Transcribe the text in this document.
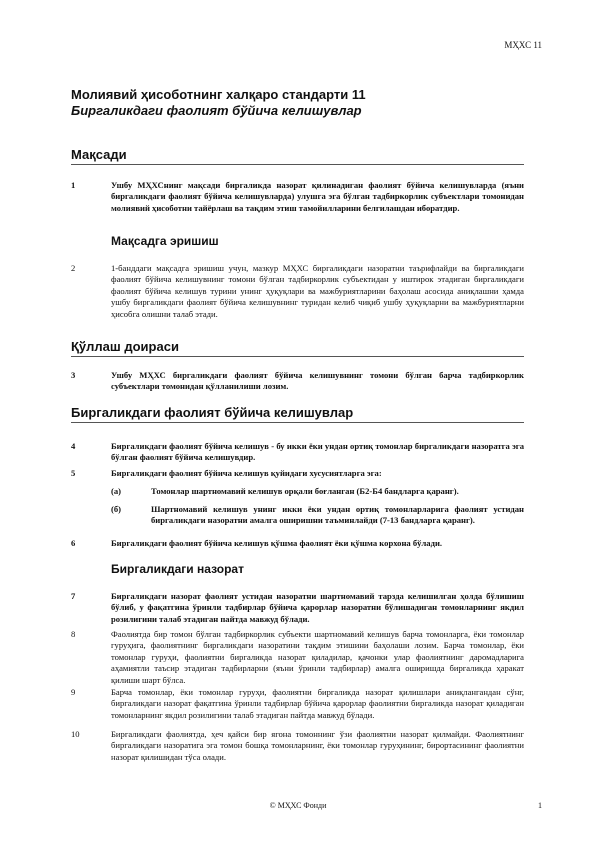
МҲХС 11
Молиявий ҳисоботнинг халқаро стандарти 11
Биргаликдаги фаолият бўйича келишувлар
Мақсади
1	Ушбу МҲХСнинг мақсади биргаликда назорат қилинадиган фаолият бўйича келишувларда (яъни биргаликдаги фаолият бўйича келишувларда) улушга эга бўлган тадбиркорлик субъектлари томонидан молиявий ҳисоботни тайёрлаш ва тақдим этиш тамойилларини белгилашдан иборатдир.
Мақсадга эришиш
2	1-банддаги мақсадга эришиш учун, мазкур МҲХС биргаликдаги назоратни таърифлайди ва биргаликдаги фаолият бўйича келишувнинг томони бўлган тадбиркорлик субъектидан у иштирок этадиган биргаликдаги фаолият бўйича келишув турини унинг ҳуқуқлари ва мажбуриятларини баҳолаш асосида аниқлашни ҳамда ушбу биргаликдаги фаолият бўйича келишувнинг туридан келиб чиқиб ушбу ҳуқуқларни ва мажбуриятларни ҳисобга олишни талаб этади.
Қўллаш доираси
3	Ушбу МҲХС биргаликдаги фаолият бўйича келишувнинг томони бўлган барча тадбиркорлик субъектлари томонидан қўлланилиши лозим.
Биргаликдаги фаолият бўйича келишувлар
4	Биргаликдаги фаолият бўйича келишув - бу икки ёки ундан ортиқ томонлар биргаликдаги назоратга эга бўлган фаолият бўйича келишувдир.
5	Биргаликдаги фаолият бўйича келишув қуйидаги хусусиятларга эга:
(а)	Томонлар шартномавий келишув орқали боғланган (Б2-Б4 бандларга қаранг).
(б)	Шартномавий келишув унинг икки ёки ундан ортиқ томонларларига фаолият устидан биргаликдаги назоратни амалга оширишни таъминлайди (7-13 бандларга қаранг).
6	Биргаликдаги фаолият бўйича келишув қўшма фаолият ёки қўшма корхона бўлади.
Биргаликдаги назорат
7	Биргаликдаги назорат фаолият устидан назоратни шартномавий тарзда келишилган ҳолда бўлишиш бўлиб, у фақатгина ўринли тадбирлар бўйича қарорлар назоратни бўлишадиган томонларнинг якдил розилигини талаб этадиган пайтда мавжуд бўлади.
8	Фаолиятда бир томон бўлган тадбиркорлик субъекти шартномавий келишув барча томонларга, ёки томонлар гуруҳига, фаолиятнинг биргаликдаги назоратини тақдим этишини баҳолаши лозим. Барча томонлар, ёки томонлар гуруҳи, фаолиятни биргаликда назорат қиладилар, қачонки улар фаолиятнинг даромадларига аҳамиятли таъсир этадиган тадбирларни (яъни ўринли тадбирлар) амалга оширишда биргаликда ҳаракат қилиши шарт бўлса.
9	Барча томонлар, ёки томонлар гуруҳи, фаолиятни биргаликда назорат қилишлари аниқлангандан сўнг, биргаликдаги назорат фақатгина ўринли тадбирлар бўйича қарорлар фаолиятни биргаликда назорат қиладиган томонларнинг якдил розилигини талаб этадиган пайтда мавжуд бўлади.
10	Биргаликдаги фаолиятда, ҳеч қайси бир ягона томоннинг ўзи фаолиятни назорат қилмайди. Фаолиятнинг биргаликдаги назоратига эга томон бошқа томонларнинг, ёки томонлар гуруҳининг, бирортасининг фаолиятни назорат қилишидан тўса олади.
© МҲХС Фонди	1
